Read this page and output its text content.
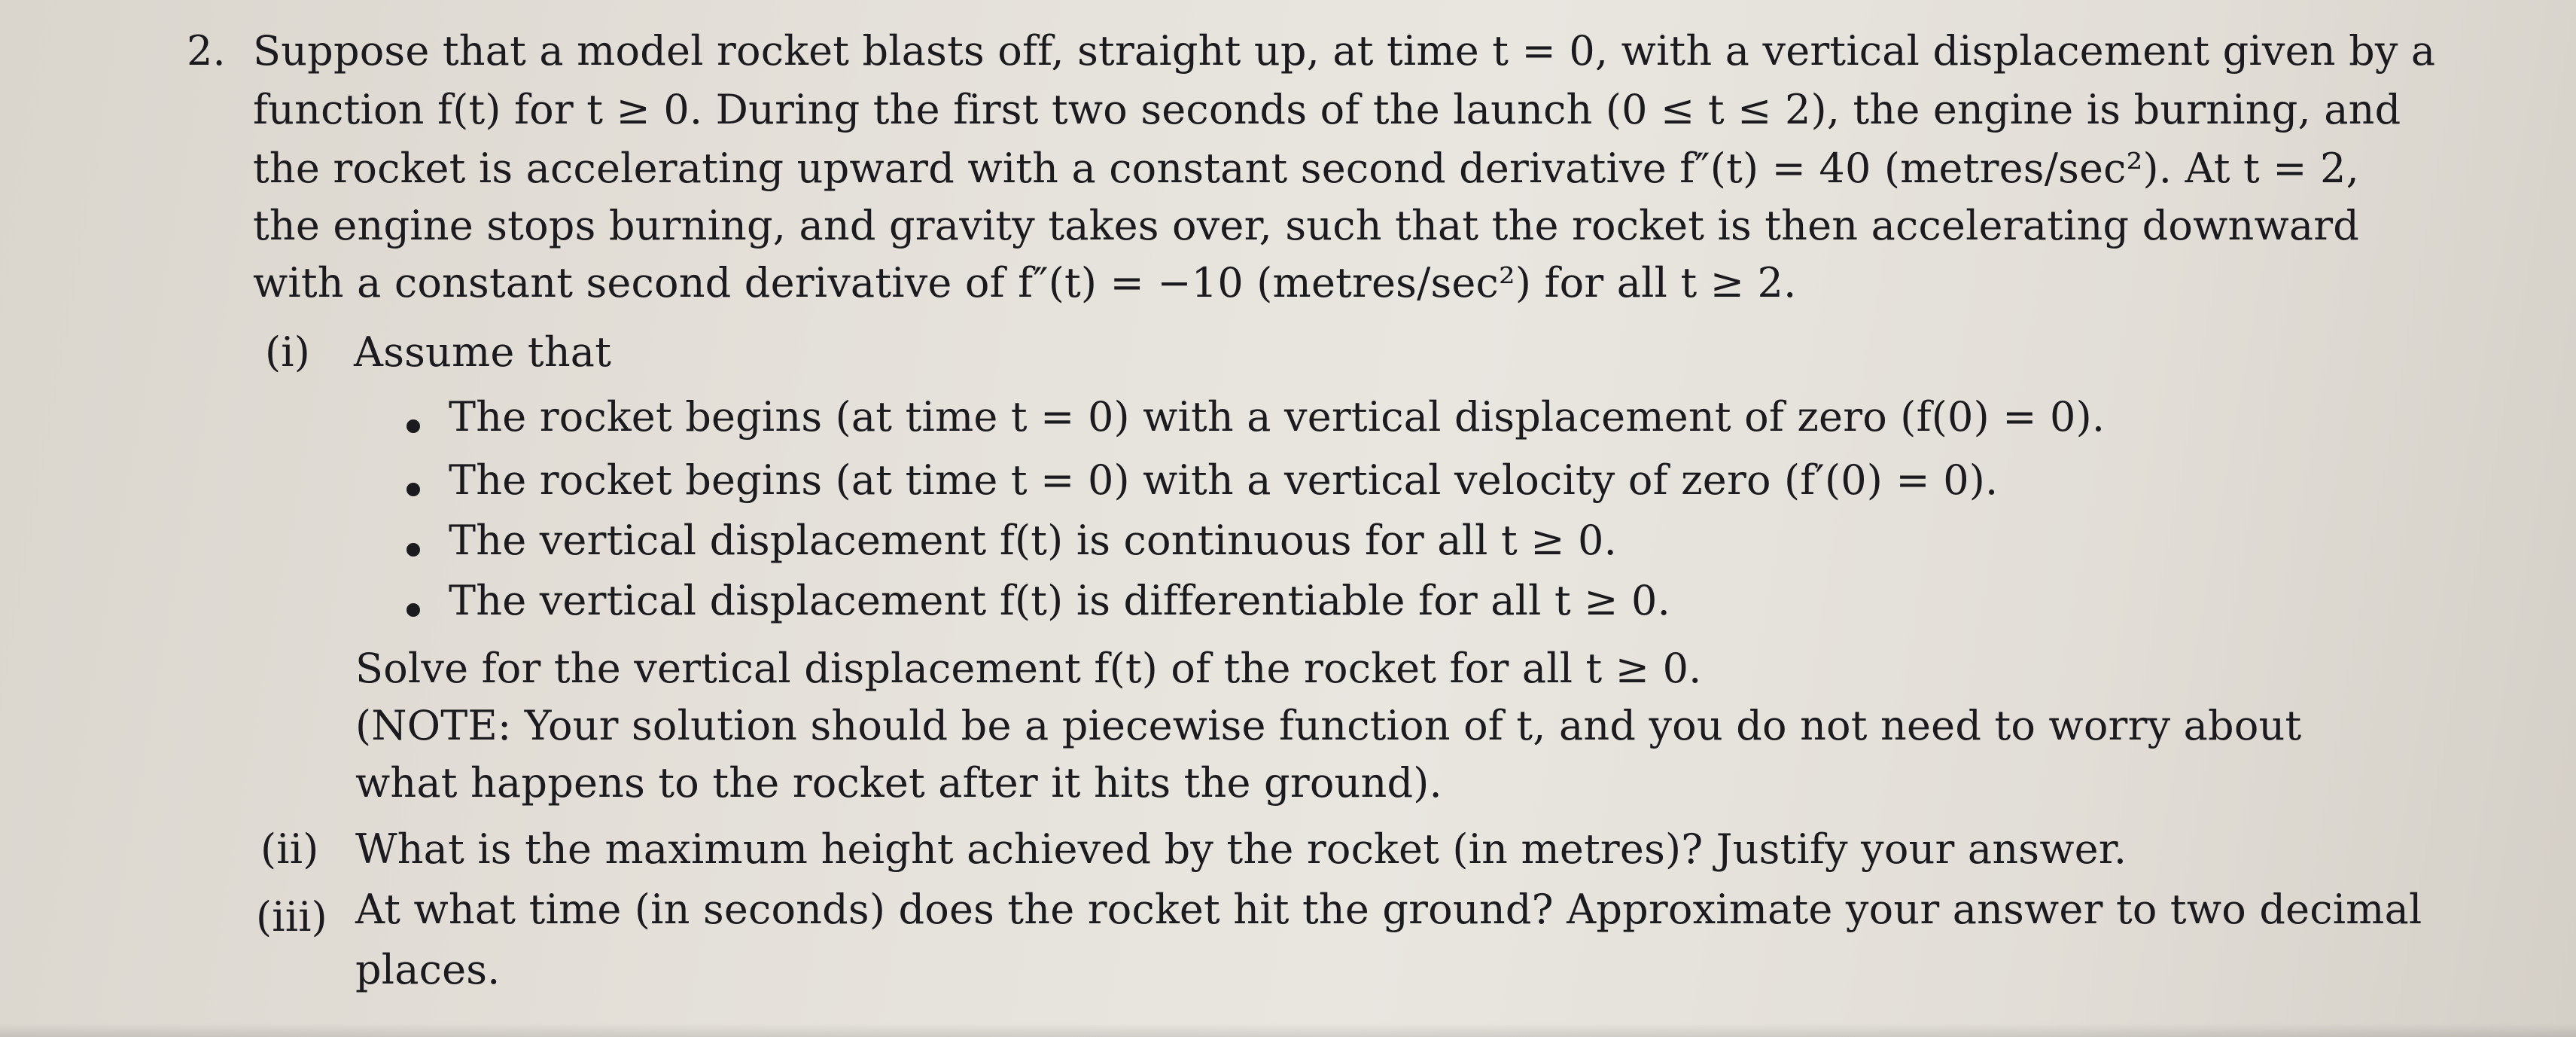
2. Suppose that a model rocket blasts off, straight up, at time t = 0, with a vertical displacement given by a
function f(t) for t ≥ 0. During the first two seconds of the launch (0 ≤ t ≤ 2), the engine is burning, and
the rocket is accelerating upward with a constant second derivative f″(t) = 40 (metres/sec²). At t = 2,
the engine stops burning, and gravity takes over, such that the rocket is then accelerating downward
with a constant second derivative of f″(t) = −10 (metres/sec²) for all t ≥ 2.
(i) Assume that
The rocket begins (at time t = 0) with a vertical displacement of zero (f(0) = 0).
The rocket begins (at time t = 0) with a vertical velocity of zero (f′(0) = 0).
The vertical displacement f(t) is continuous for all t ≥ 0.
The vertical displacement f(t) is differentiable for all t ≥ 0.
Solve for the vertical displacement f(t) of the rocket for all t ≥ 0.
(NOTE: Your solution should be a piecewise function of t, and you do not need to worry about
what happens to the rocket after it hits the ground).
(ii) What is the maximum height achieved by the rocket (in metres)? Justify your answer.
(iii) At what time (in seconds) does the rocket hit the ground? Approximate your answer to two decimal
places.
